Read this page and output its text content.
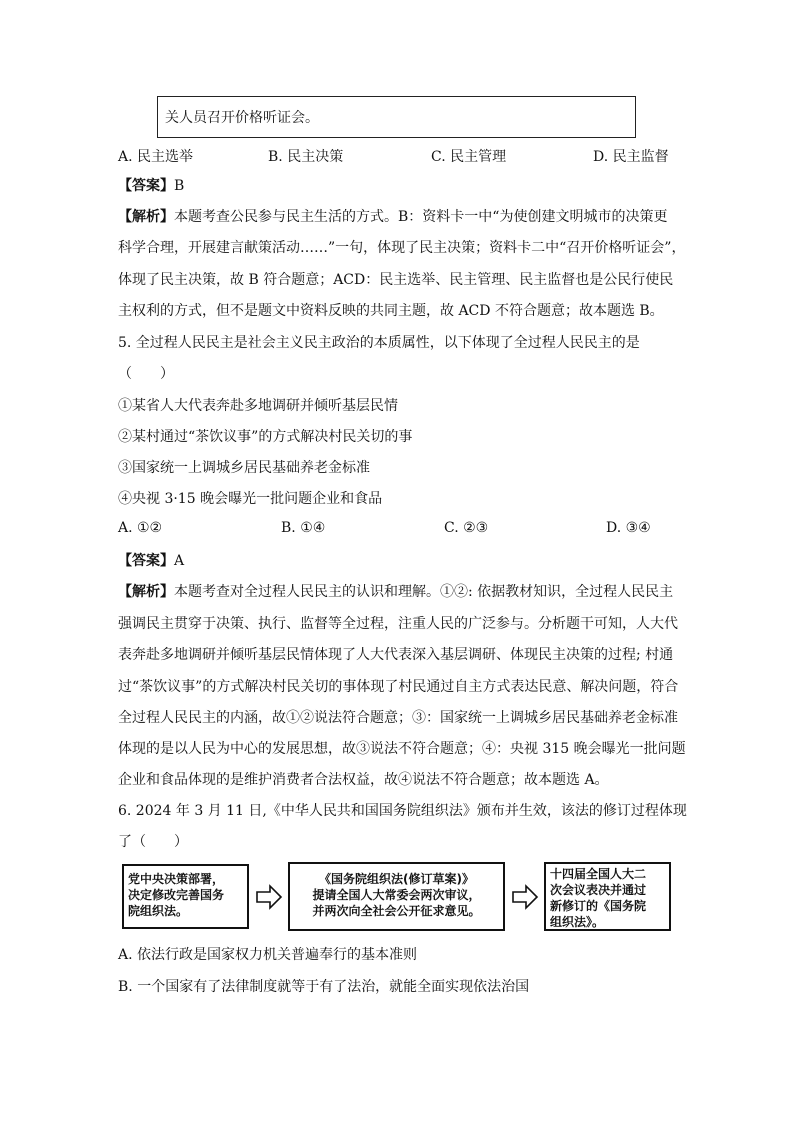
关人员召开价格听证会。
A. 民主选举	B. 民主决策	C. 民主管理	D. 民主监督
【答案】B
【解析】本题考查公民参与民主生活的方式。B：资料卡一中“为使创建文明城市的决策更
科学合理，开展建言献策活动……”一句，体现了民主决策；资料卡二中“召开价格听证会”，
体现了民主决策，故 B 符合题意；ACD：民主选举、民主管理、民主监督也是公民行使民
主权利的方式，但不是题文中资料反映的共同主题，故 ACD 不符合题意；故本题选 B。
5. 全过程人民民主是社会主义民主政治的本质属性，以下体现了全过程人民民主的是
（　　）
①某省人大代表奔赴多地调研并倾听基层民情
②某村通过“茶饮议事”的方式解决村民关切的事
③国家统一上调城乡居民基础养老金标准
④央视 3·15 晚会曝光一批问题企业和食品
A. ①②	B. ①④	C. ②③	D. ③④
【答案】A
【解析】本题考查对全过程人民民主的认识和理解。①②: 依据教材知识，全过程人民民主
强调民主贯穿于决策、执行、监督等全过程，注重人民的广泛参与。分析题干可知，人大代
表奔赴多地调研并倾听基层民情体现了人大代表深入基层调研、体现民主决策的过程; 村通
过“茶饮议事”的方式解决村民关切的事体现了村民通过自主方式表达民意、解决问题，符合
全过程人民民主的内涵，故①②说法符合题意；③：国家统一上调城乡居民基础养老金标准
体现的是以人民为中心的发展思想，故③说法不符合题意；④：央视 315 晚会曝光一批问题
企业和食品体现的是维护消费者合法权益，故④说法不符合题意；故本题选 A。
6. 2024 年 3 月 11 日,《中华人民共和国国务院组织法》颁布并生效，该法的修订过程体现
了（　　）
党中央决策部署，
决定修改完善国务
院组织法。
《国务院组织法(修订草案)》
提请全国人大常委会两次审议，
并两次向全社会公开征求意见。
十四届全国人大二
次会议表决并通过
新修订的《国务院
组织法》。
A. 依法行政是国家权力机关普遍奉行的基本准则
B. 一个国家有了法律制度就等于有了法治，就能全面实现依法治国
